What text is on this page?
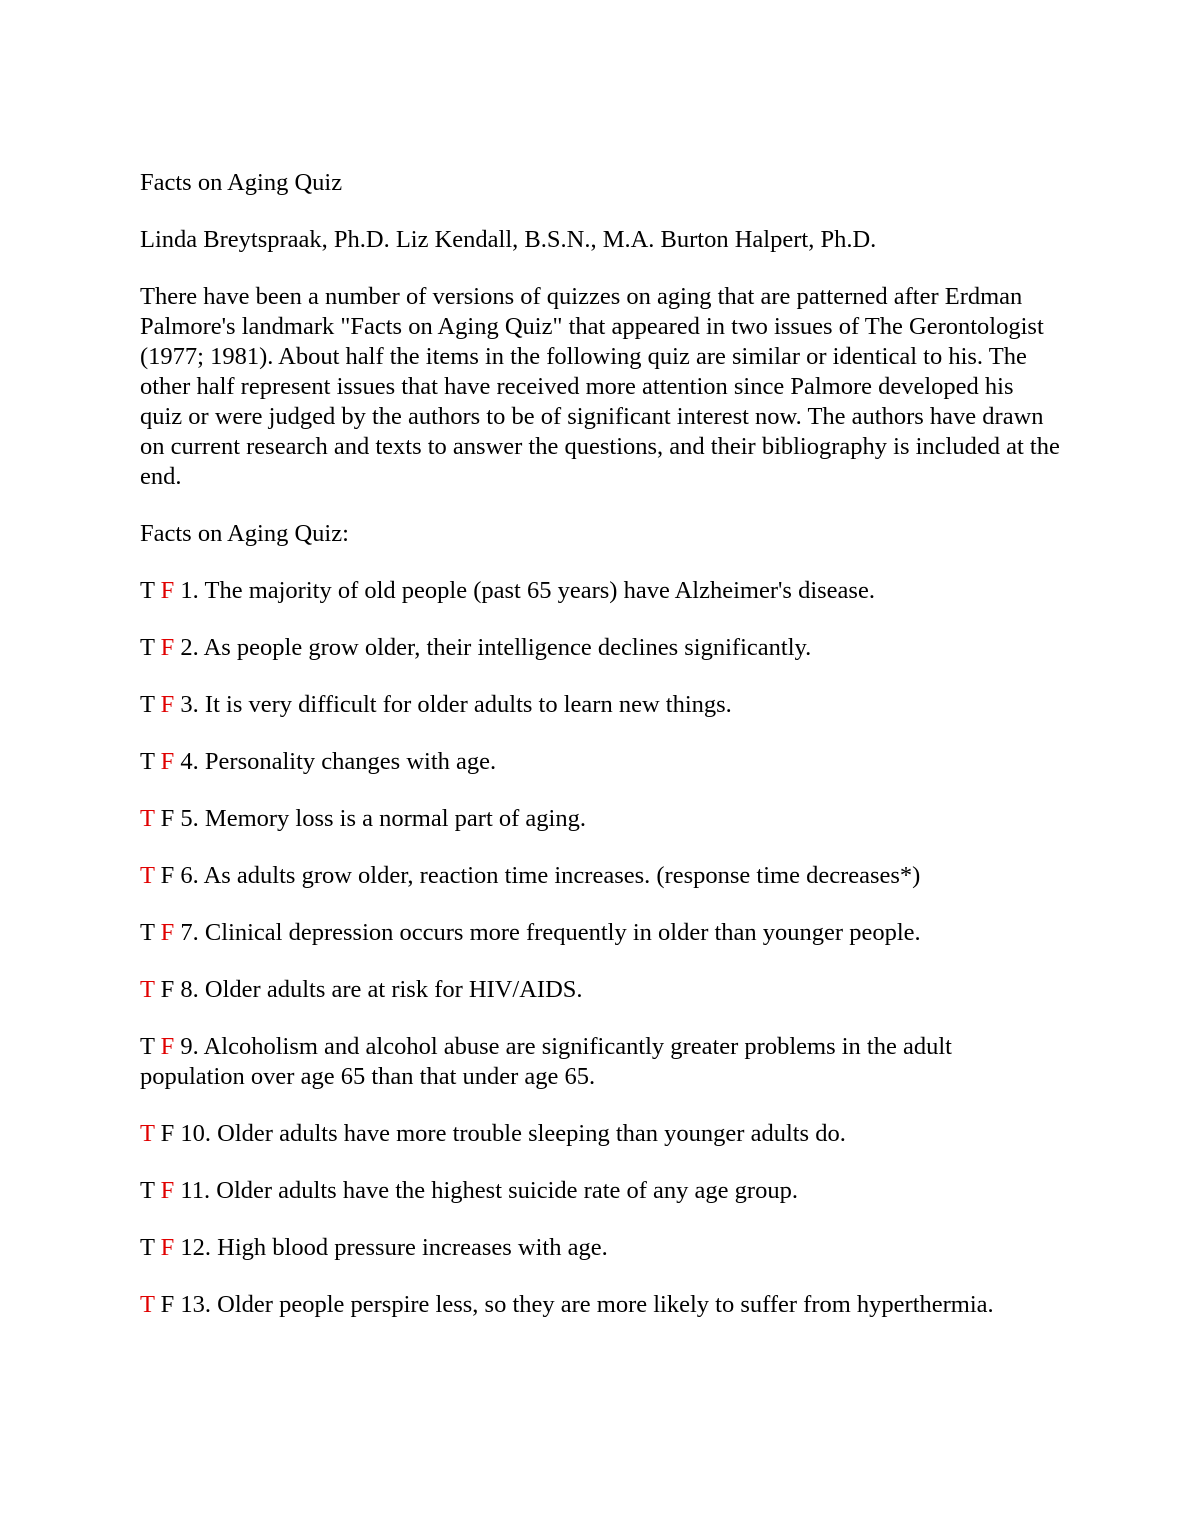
Facts on Aging Quiz

Linda Breytspraak, Ph.D. Liz Kendall, B.S.N., M.A. Burton Halpert, Ph.D.

There have been a number of versions of quizzes on aging that are patterned after Erdman Palmore's landmark "Facts on Aging Quiz" that appeared in two issues of The Gerontologist (1977; 1981). About half the items in the following quiz are similar or identical to his. The other half represent issues that have received more attention since Palmore developed his quiz or were judged by the authors to be of significant interest now. The authors have drawn on current research and texts to answer the questions, and their bibliography is included at the end.

Facts on Aging Quiz:

T F 1. The majority of old people (past 65 years) have Alzheimer's disease.

T F 2. As people grow older, their intelligence declines significantly.

T F 3. It is very difficult for older adults to learn new things.

T F 4. Personality changes with age.

T F 5. Memory loss is a normal part of aging.

T F 6. As adults grow older, reaction time increases. (response time decreases*)

T F 7. Clinical depression occurs more frequently in older than younger people.

T F 8. Older adults are at risk for HIV/AIDS.

T F 9. Alcoholism and alcohol abuse are significantly greater problems in the adult population over age 65 than that under age 65.

T F 10. Older adults have more trouble sleeping than younger adults do.

T F 11. Older adults have the highest suicide rate of any age group.

T F 12. High blood pressure increases with age.

T F 13. Older people perspire less, so they are more likely to suffer from hyperthermia.
